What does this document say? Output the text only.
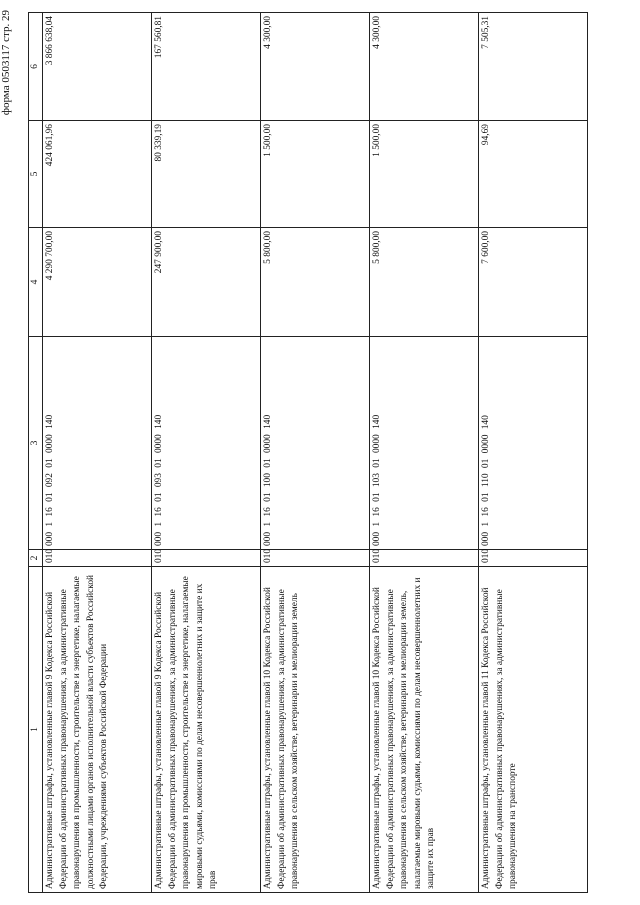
форма 0503117 стр. 29
1	2	3	4	5	6
Административные штрафы, установленные главой 9 Кодекса Российской Федерации об административных правонарушениях, за административные правонарушения в промышленности, строительстве и энергетике, налагаемые должностными лицами органов исполнительной власти субъектов Российской Федерации, учреждениями субъектов Российской Федерации	010	000 1 16 01 092 01 0000 140	4 290 700,00	424 061,96	3 866 638,04
Административные штрафы, установленные главой 9 Кодекса Российской Федерации об административных правонарушениях, за административные правонарушения в промышленности, строительстве и энергетике, налагаемые мировыми судьями, комиссиями по делам несовершеннолетних и защите их прав	010	000 1 16 01 093 01 0000 140	247 900,00	80 339,19	167 560,81
Административные штрафы, установленные главой 10 Кодекса Российской Федерации об административных правонарушениях, за административные правонарушения в сельском хозяйстве, ветеринарии и мелиорации земель	010	000 1 16 01 100 01 0000 140	5 800,00	1 500,00	4 300,00
Административные штрафы, установленные главой 10 Кодекса Российской Федерации об административных правонарушениях, за административные правонарушения в сельском хозяйстве, ветеринарии и мелиорации земель, налагаемые мировыми судьями, комиссиями по делам несовершеннолетних и защите их прав	010	000 1 16 01 103 01 0000 140	5 800,00	1 500,00	4 300,00
Административные штрафы, установленные главой 11 Кодекса Российской Федерации об административных правонарушениях, за административные правонарушения на транспорте	010	000 1 16 01 110 01 0000 140	7 600,00	94,69	7 505,31
